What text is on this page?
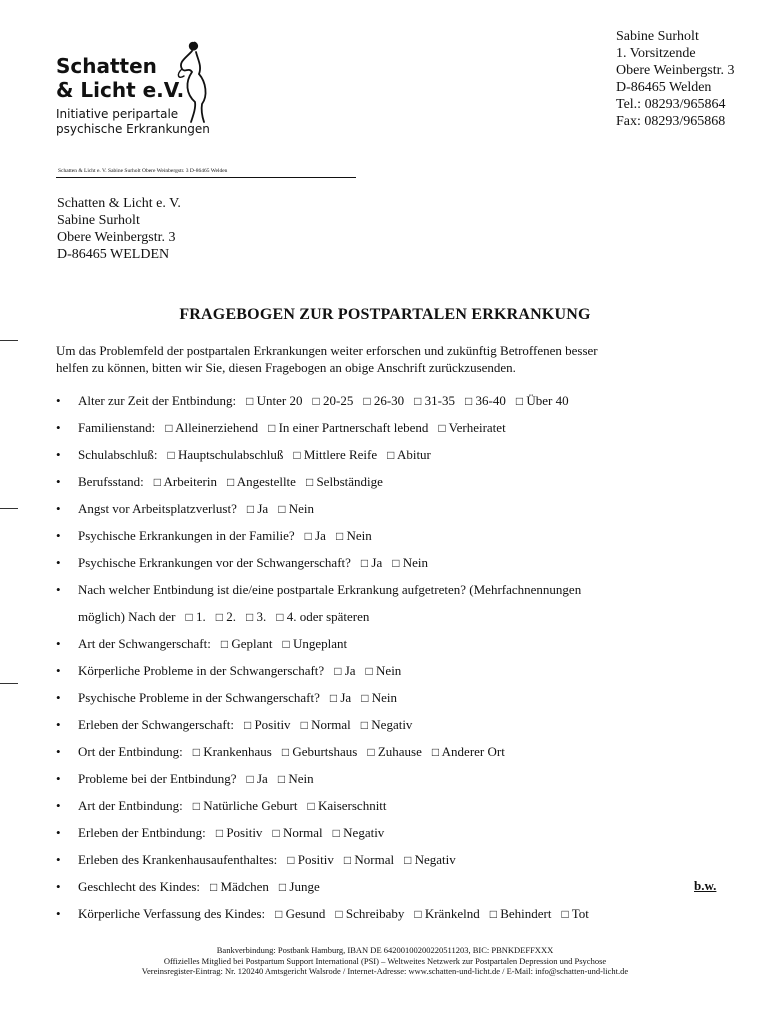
Schatten
& Licht e.V.
Initiative peripartale
psychische Erkrankungen
Sabine Surholt
1. Vorsitzende
Obere Weinbergstr. 3
D-86465 Welden
Tel.: 08293/965864
Fax: 08293/965868
Schatten & Licht e. V. Sabine Surholt Obere Weinbergstr. 3 D-86465 Welden
Schatten & Licht e. V.
Sabine Surholt
Obere Weinbergstr. 3
D-86465 WELDEN
FRAGEBOGEN ZUR POSTPARTALEN ERKRANKUNG
Um das Problemfeld der postpartalen Erkrankungen weiter erforschen und zukünftig Betroffenen besser
helfen zu können, bitten wir Sie, diesen Fragebogen an obige Anschrift zurückzusenden.
• Alter zur Zeit der Entbindung: □ Unter 20 □ 20-25 □ 26-30 □ 31-35 □ 36-40 □ Über 40
• Familienstand: □ Alleinerziehend □ In einer Partnerschaft lebend □ Verheiratet
• Schulabschluß: □ Hauptschulabschluß □ Mittlere Reife □ Abitur
• Berufsstand: □ Arbeiterin □ Angestellte □ Selbständige
• Angst vor Arbeitsplatzverlust? □ Ja □ Nein
• Psychische Erkrankungen in der Familie? □ Ja □ Nein
• Psychische Erkrankungen vor der Schwangerschaft? □ Ja □ Nein
• Nach welcher Entbindung ist die/eine postpartale Erkrankung aufgetreten? (Mehrfachnennungen
möglich) Nach der □ 1. □ 2. □ 3. □ 4. oder späteren
• Art der Schwangerschaft: □ Geplant □ Ungeplant
• Körperliche Probleme in der Schwangerschaft? □ Ja □ Nein
• Psychische Probleme in der Schwangerschaft? □ Ja □ Nein
• Erleben der Schwangerschaft: □ Positiv □ Normal □ Negativ
• Ort der Entbindung: □ Krankenhaus □ Geburtshaus □ Zuhause □ Anderer Ort
• Probleme bei der Entbindung? □ Ja □ Nein
• Art der Entbindung: □ Natürliche Geburt □ Kaiserschnitt
• Erleben der Entbindung: □ Positiv □ Normal □ Negativ
• Erleben des Krankenhausaufenthaltes: □ Positiv □ Normal □ Negativ
• Geschlecht des Kindes: □ Mädchen □ Junge
• Körperliche Verfassung des Kindes: □ Gesund □ Schreibaby □ Kränkelnd □ Behindert □ Tot
b.w.
Bankverbindung: Postbank Hamburg, IBAN DE 64200100200220511203, BIC: PBNKDEFFXXX
Offizielles Mitglied bei Postpartum Support International (PSI) – Weltweites Netzwerk zur Postpartalen Depression und Psychose
Vereinsregister-Eintrag: Nr. 120240 Amtsgericht Walsrode / Internet-Adresse: www.schatten-und-licht.de / E-Mail: info@schatten-und-licht.de
